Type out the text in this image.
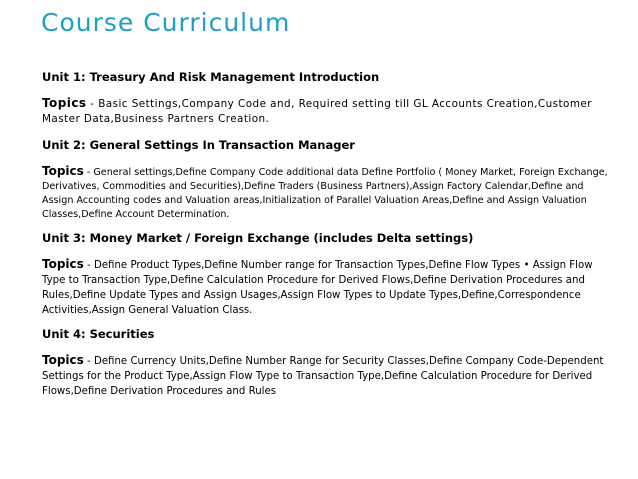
Course Curriculum

Unit 1: Treasury And Risk Management Introduction

Topics - Basic Settings,Company Code and, Required setting till GL Accounts Creation,Customer Master Data,Business Partners Creation.

Unit 2: General Settings In Transaction Manager

Topics - General settings,Define Company Code additional data Define Portfolio ( Money Market, Foreign Exchange, Derivatives, Commodities and Securities),Define Traders (Business Partners),Assign Factory Calendar,Define and Assign Accounting codes and Valuation areas,Initialization of Parallel Valuation Areas,Define and Assign Valuation Classes,Define Account Determination.

Unit 3: Money Market / Foreign Exchange (includes Delta settings)

Topics - Define Product Types,Define Number range for Transaction Types,Define Flow Types • Assign Flow Type to Transaction Type,Define Calculation Procedure for Derived Flows,Define Derivation Procedures and Rules,Define Update Types and Assign Usages,Assign Flow Types to Update Types,Define,Correspondence Activities,Assign General Valuation Class.

Unit 4: Securities

Topics - Define Currency Units,Define Number Range for Security Classes,Define Company Code-Dependent Settings for the Product Type,Assign Flow Type to Transaction Type,Define Calculation Procedure for Derived Flows,Define Derivation Procedures and Rules
